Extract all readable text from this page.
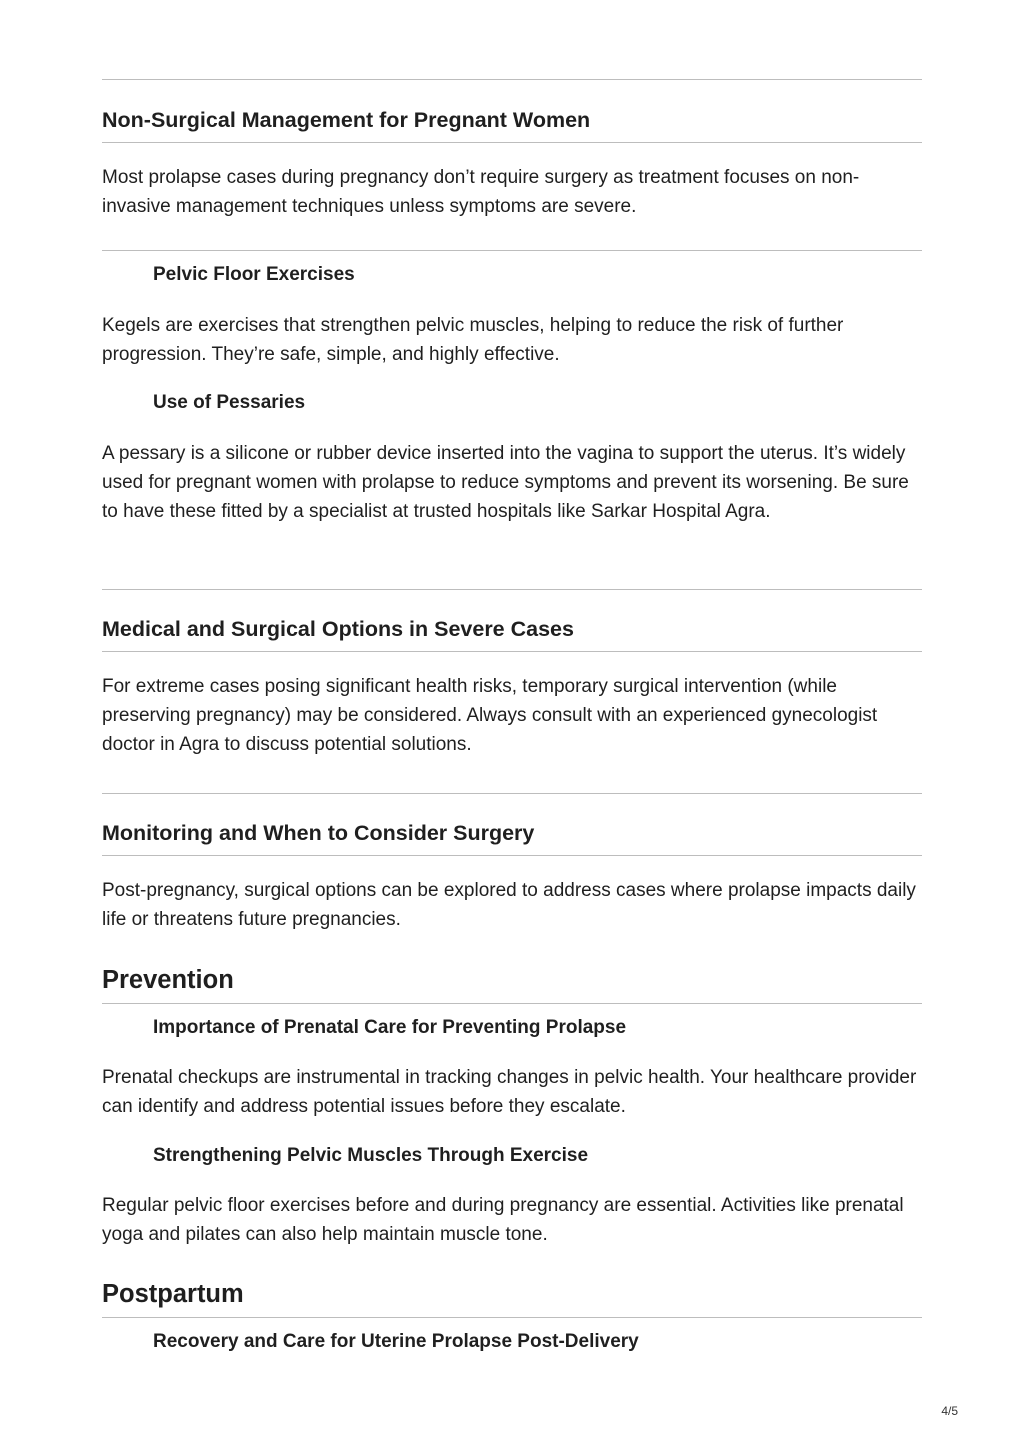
Non-Surgical Management for Pregnant Women
Most prolapse cases during pregnancy don’t require surgery as treatment focuses on non-invasive management techniques unless symptoms are severe.
Pelvic Floor Exercises
Kegels are exercises that strengthen pelvic muscles, helping to reduce the risk of further progression. They’re safe, simple, and highly effective.
Use of Pessaries
A pessary is a silicone or rubber device inserted into the vagina to support the uterus. It’s widely used for pregnant women with prolapse to reduce symptoms and prevent its worsening. Be sure to have these fitted by a specialist at trusted hospitals like Sarkar Hospital Agra.
Medical and Surgical Options in Severe Cases
For extreme cases posing significant health risks, temporary surgical intervention (while preserving pregnancy) may be considered. Always consult with an experienced gynecologist doctor in Agra to discuss potential solutions.
Monitoring and When to Consider Surgery
Post-pregnancy, surgical options can be explored to address cases where prolapse impacts daily life or threatens future pregnancies.
Prevention
Importance of Prenatal Care for Preventing Prolapse
Prenatal checkups are instrumental in tracking changes in pelvic health. Your healthcare provider can identify and address potential issues before they escalate.
Strengthening Pelvic Muscles Through Exercise
Regular pelvic floor exercises before and during pregnancy are essential. Activities like prenatal yoga and pilates can also help maintain muscle tone.
Postpartum
Recovery and Care for Uterine Prolapse Post-Delivery
4/5
